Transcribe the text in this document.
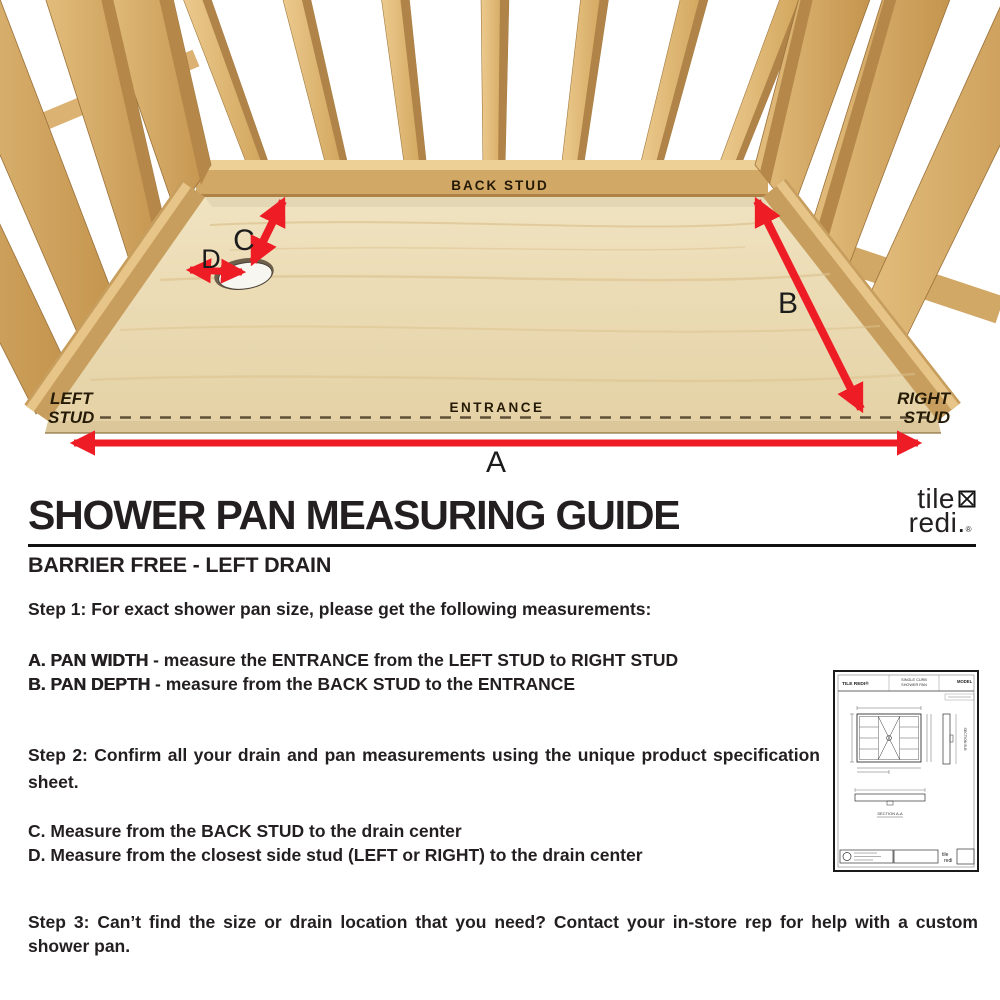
A
B
C
D
BACK STUD
ENTRANCE
LEFT
STUD
RIGHT
STUD
SHOWER PAN MEASURING GUIDE	tile
redi.®
BARRIER FREE - LEFT DRAIN

Step 1: For exact shower pan size, please get the following measurements:

A. PAN WIDTH - measure the ENTRANCE from the LEFT STUD to RIGHT STUD
B. PAN DEPTH - measure from the BACK STUD to the ENTRANCE

Step 2: Confirm all your drain and pan measurements using the unique product specification sheet.

C. Measure from the BACK STUD to the drain center
D. Measure from the closest side stud (LEFT or RIGHT) to the drain center

Step 3: Can’t find the size or drain location that you need? Contact your in-store rep for help with a custom shower pan.

TILE REDI®
SINGLE CURB
SHOWER PAN
MODEL
SECTION B-B
SECTION A-A
tile
redi
